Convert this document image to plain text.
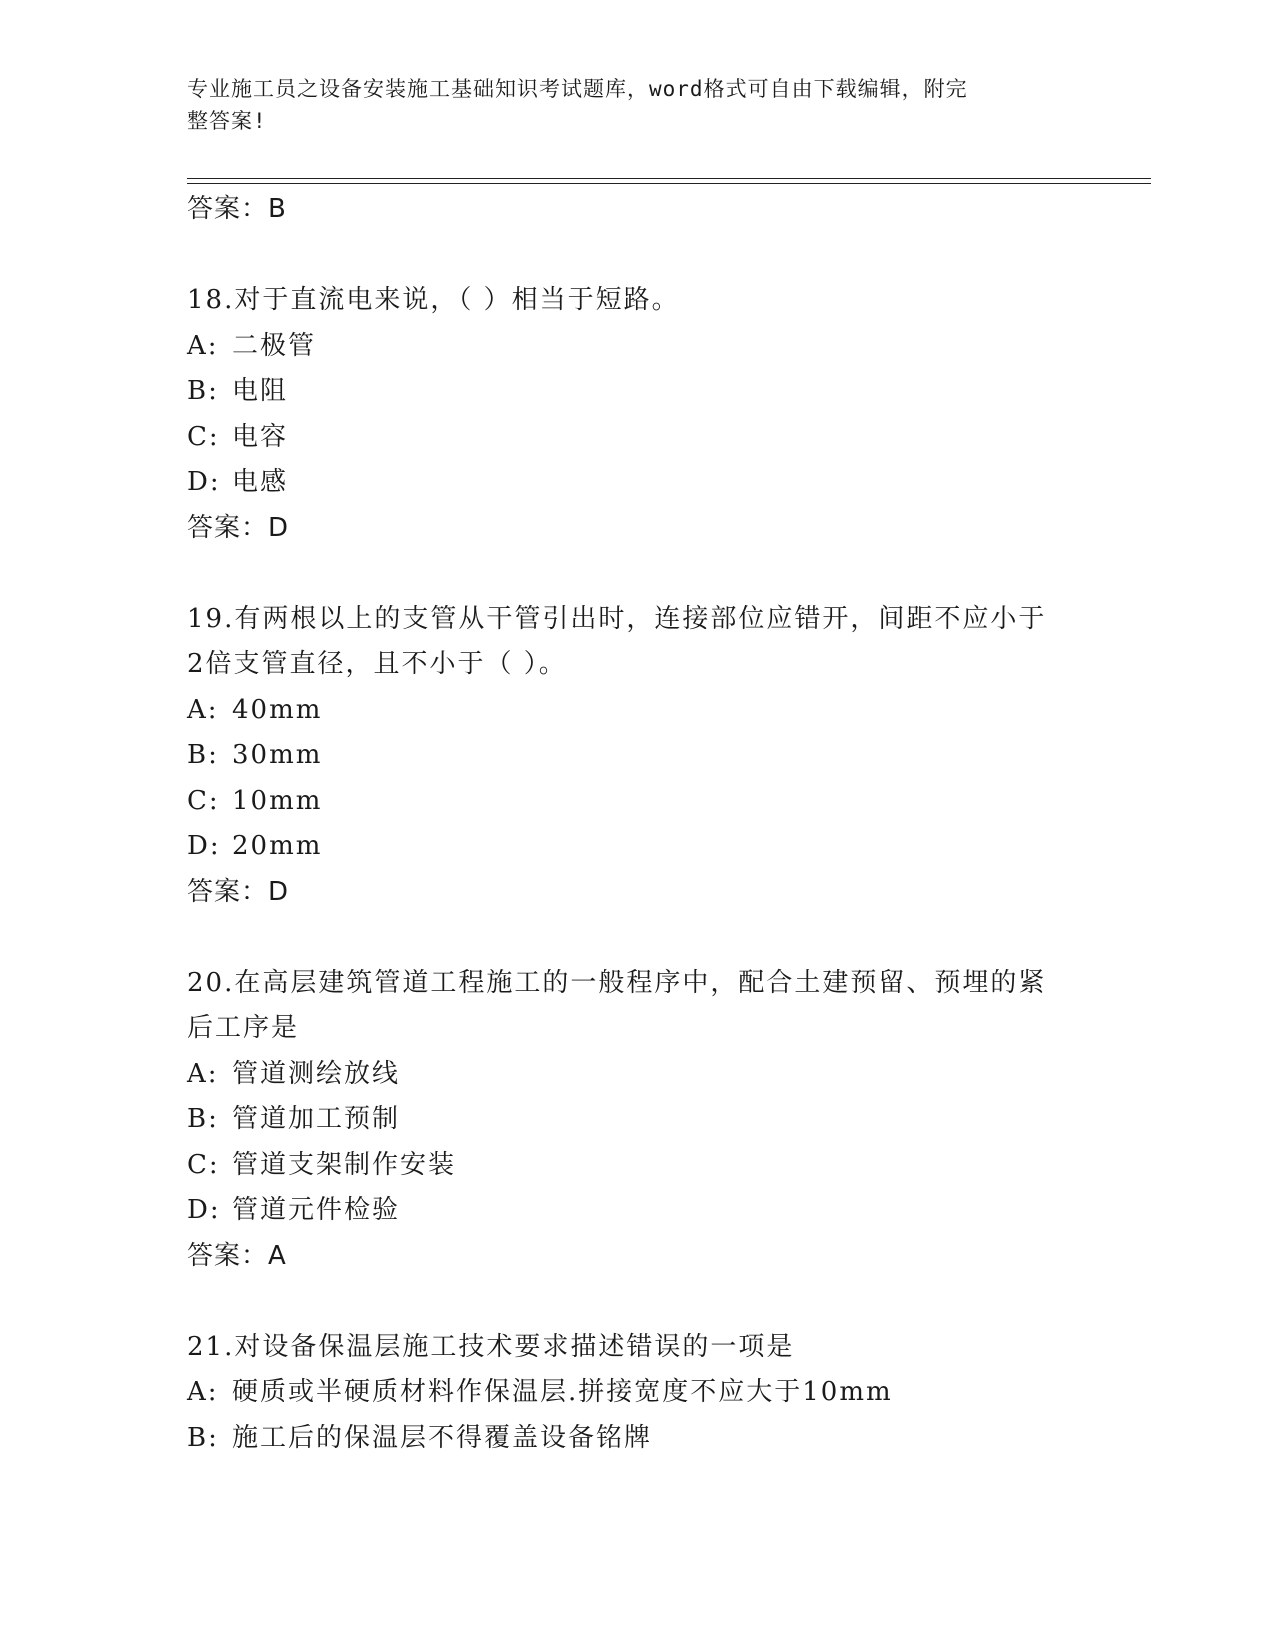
专业施工员之设备安装施工基础知识考试题库，word格式可自由下载编辑，附完
整答案!
答案：B
18.对于直流电来说，（ ）相当于短路。
A: 二极管
B: 电阻
C: 电容
D: 电感
答案：D
19.有两根以上的支管从干管引出时，连接部位应错开，间距不应小于
2倍支管直径，且不小于（ ）。
A: 40mm
B: 30mm
C: 10mm
D: 20mm
答案：D
20.在高层建筑管道工程施工的一般程序中，配合土建预留、预埋的紧
后工序是
A: 管道测绘放线
B: 管道加工预制
C: 管道支架制作安装
D: 管道元件检验
答案：A
21.对设备保温层施工技术要求描述错误的一项是
A: 硬质或半硬质材料作保温层.拼接宽度不应大于10mm
B: 施工后的保温层不得覆盖设备铭牌
